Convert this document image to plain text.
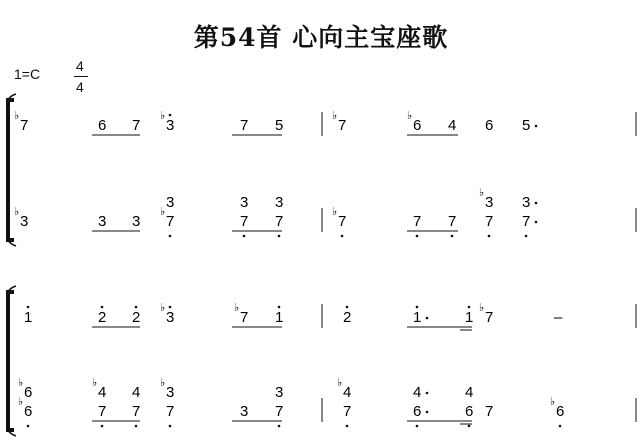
第54首 心向主宝座歌
1=C	4
4
7
♭
6 7 3
♭
7 5	7
♭
6
♭
4 6 5
3
♭
3 3 7
♭
3
7
3
7
3
7
♭
7 7 7
3
♭
7
3
1	2 2 3
♭
7
♭
1	2	1	1 7
♭
–
6
♭
6
♭
7
4
♭
7
4
7
3
♭
3 7
3
7
4
♭
6
4
6
4
7	6
♭
